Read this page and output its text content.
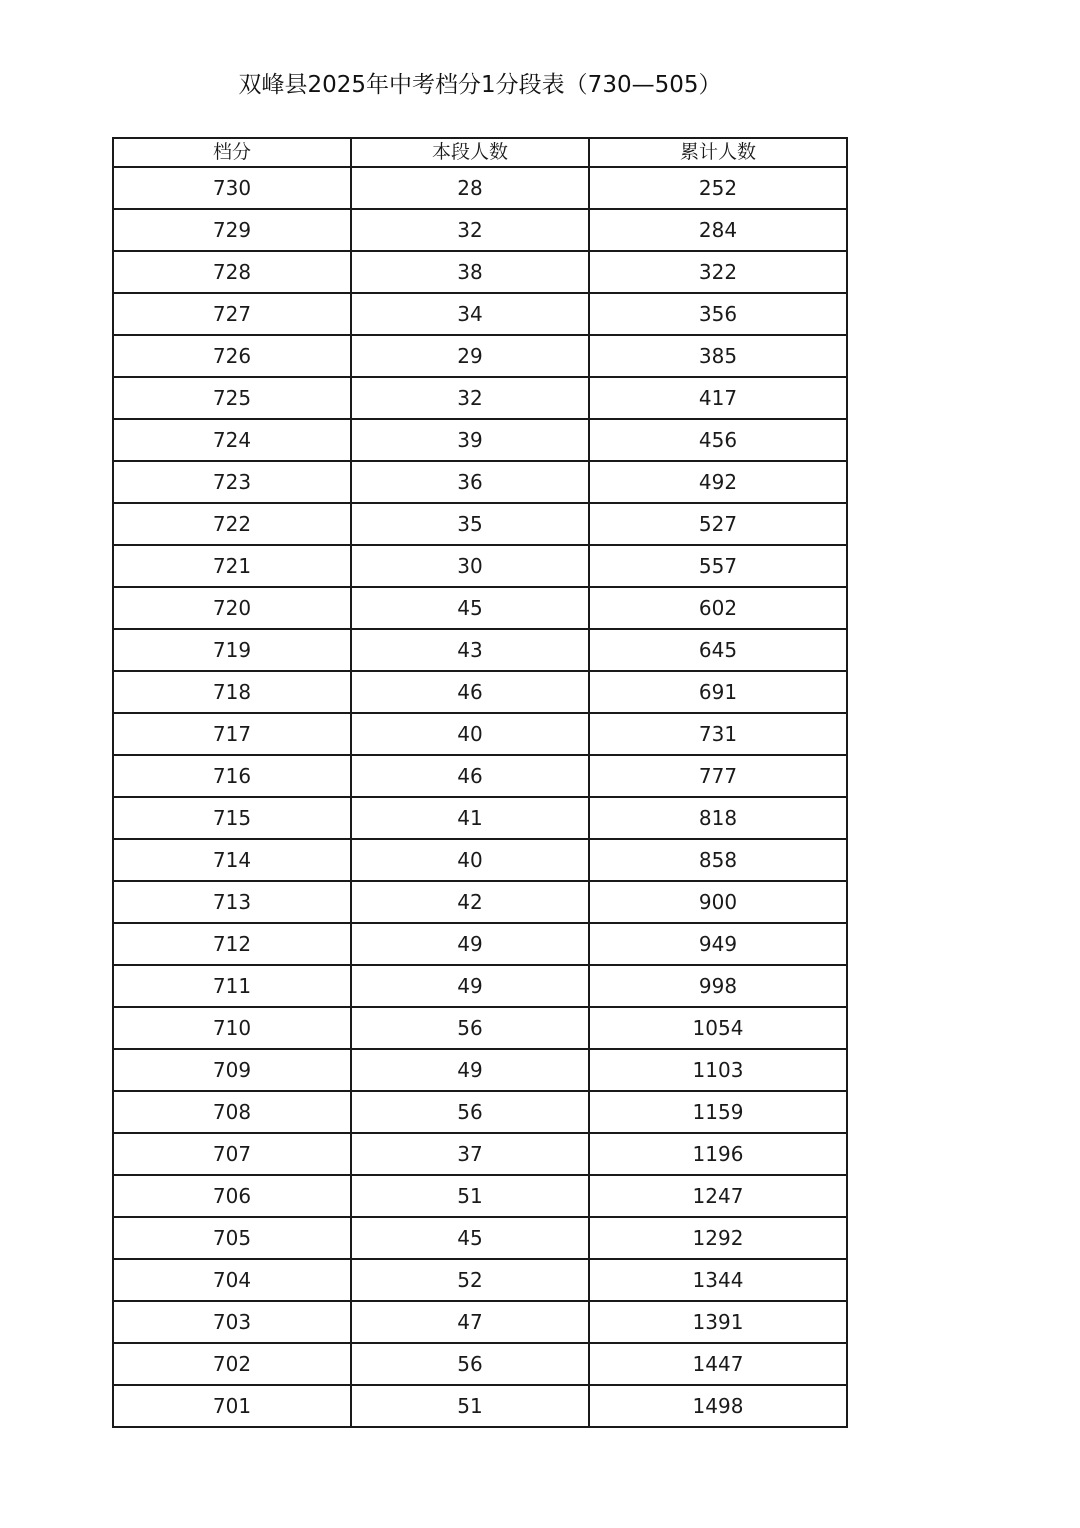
双峰县2025年中考档分1分段表（730—505）
档分	本段人数	累计人数
730	28	252
729	32	284
728	38	322
727	34	356
726	29	385
725	32	417
724	39	456
723	36	492
722	35	527
721	30	557
720	45	602
719	43	645
718	46	691
717	40	731
716	46	777
715	41	818
714	40	858
713	42	900
712	49	949
711	49	998
710	56	1054
709	49	1103
708	56	1159
707	37	1196
706	51	1247
705	45	1292
704	52	1344
703	47	1391
702	56	1447
701	51	1498
